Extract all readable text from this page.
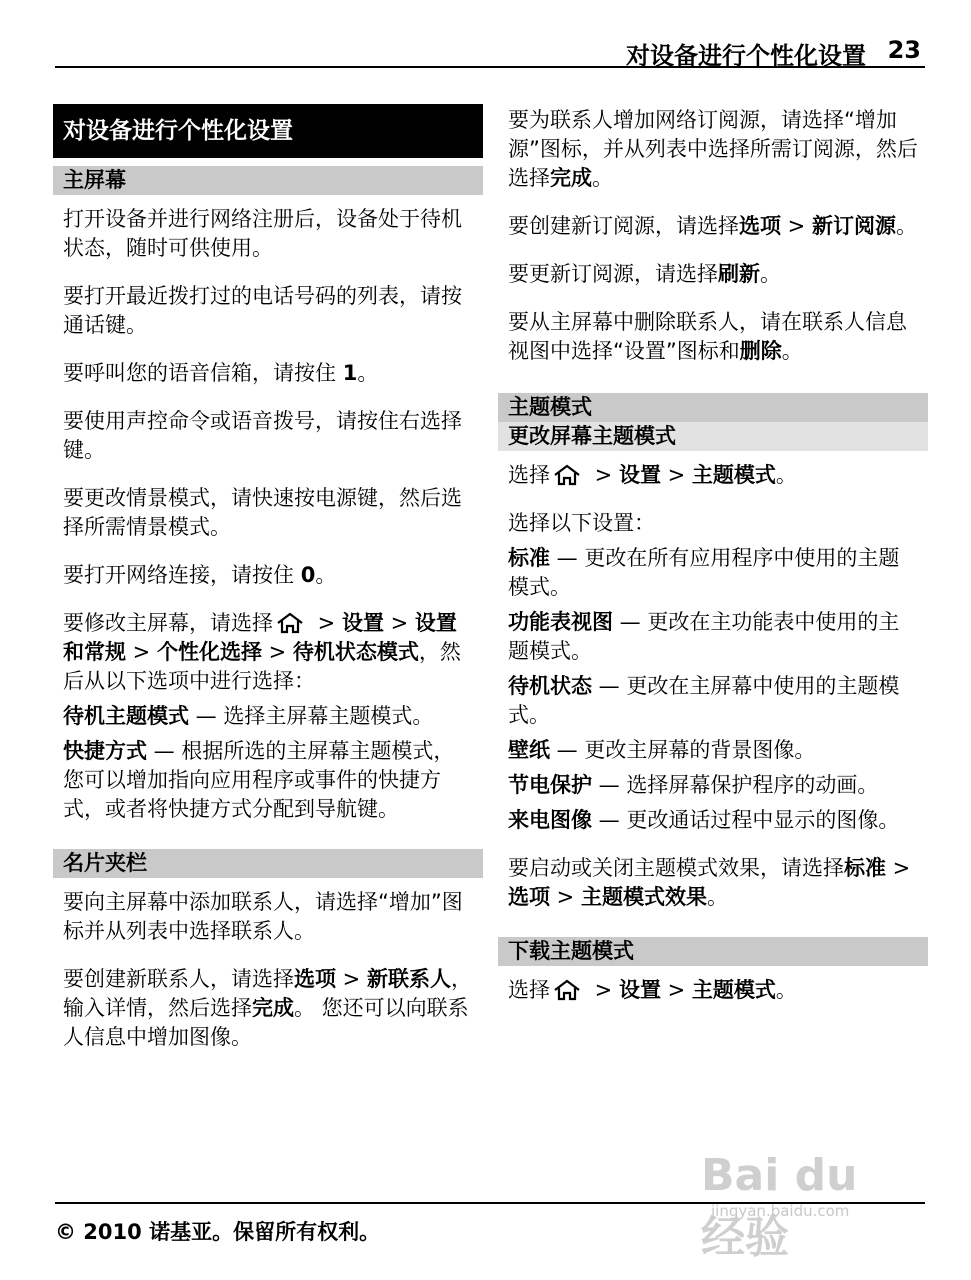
对设备进行个性化设置 23
对设备进行个性化设置
主屏幕

打开设备并进行网络注册后，设备处于待机状态，随时可供使用。

要打开最近拨打过的电话号码的列表，请按通话键。

要呼叫您的语音信箱，请按住 1。

要使用声控命令或语音拨号，请按住右选择键。

要更改情景模式，请快速按电源键，然后选择所需情景模式。

要打开网络连接，请按住 0。

要修改主屏幕，请选择 > 设置 > 设置和常规 > 个性化选择 > 待机状态模式，然后从以下选项中进行选择：

待机主题模式 — 选择主屏幕主题模式。

快捷方式 — 根据所选的主屏幕主题模式，您可以增加指向应用程序或事件的快捷方式，或者将快捷方式分配到导航键。

名片夹栏

要向主屏幕中添加联系人，请选择“增加”图标并从列表中选择联系人。

要创建新联系人，请选择选项 > 新联系人，输入详情，然后选择完成。 您还可以向联系人信息中增加图像。

要为联系人增加网络订阅源，请选择“增加源”图标，并从列表中选择所需订阅源，然后选择完成。

要创建新订阅源，请选择选项 > 新订阅源。

要更新订阅源，请选择刷新。

要从主屏幕中删除联系人，请在联系人信息视图中选择“设置”图标和删除。

主题模式
更改屏幕主题模式

选择 > 设置 > 主题模式。

选择以下设置：

标准 — 更改在所有应用程序中使用的主题模式。

功能表视图 — 更改在主功能表中使用的主题模式。

待机状态 — 更改在主屏幕中使用的主题模式。

壁纸 — 更改主屏幕的背景图像。

节电保护 — 选择屏幕保护程序的动画。

来电图像 — 更改通话过程中显示的图像。

要启动或关闭主题模式效果，请选择标准 > 选项 > 主题模式效果。

下载主题模式

选择 > 设置 > 主题模式。

Bai du 经验
jingyan.baidu.com
© 2010 诺基亚。保留所有权利。
